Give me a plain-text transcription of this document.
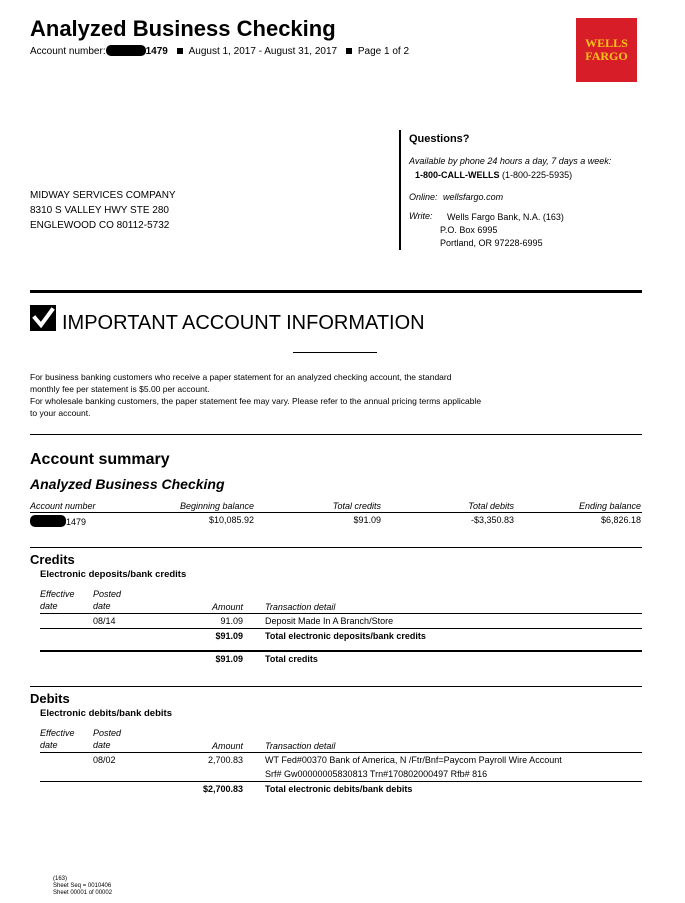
Analyzed Business Checking
Account number:	1479 August 1, 2017 - August 31, 2017 Page 1 of 2
WELLS
FARGO
MIDWAY SERVICES COMPANY
8310 S VALLEY HWY STE 280
ENGLEWOOD CO 80112-5732
Questions?
Available by phone 24 hours a day, 7 days a week:
1-800-CALL-WELLS (1-800-225-5935)
Online: wellsfargo.com
Write: Wells Fargo Bank, N.A. (163)
P.O. Box 6995
Portland, OR 97228-6995
IMPORTANT ACCOUNT INFORMATION
For business banking customers who receive a paper statement for an analyzed checking account, the standard
monthly fee per statement is $5.00 per account.
For wholesale banking customers, the paper statement fee may vary. Please refer to the annual pricing terms applicable
to your account.
Account summary
Analyzed Business Checking
Account number	Beginning balance	Total credits	Total debits	Ending balance
1479	$10,085.92	$91.09	-$3,350.83	$6,826.18
Credits
Electronic deposits/bank credits
Effective
date
Posted
date	Amount Transaction detail
08/14	91.09 Deposit Made In A Branch/Store
$91.09 Total electronic deposits/bank credits
$91.09 Total credits
Debits
Electronic debits/bank debits
Effective
date
Posted
date	Amount Transaction detail
08/02	2,700.83 WT Fed#00370 Bank of America, N /Ftr/Bnf=Paycom Payroll Wire Account
Srf# Gw00000005830813 Trn#170802000497 Rfb# 816
$2,700.83 Total electronic debits/bank debits
(163)
Sheet Seq = 0010406
Sheet 00001 of 00002
